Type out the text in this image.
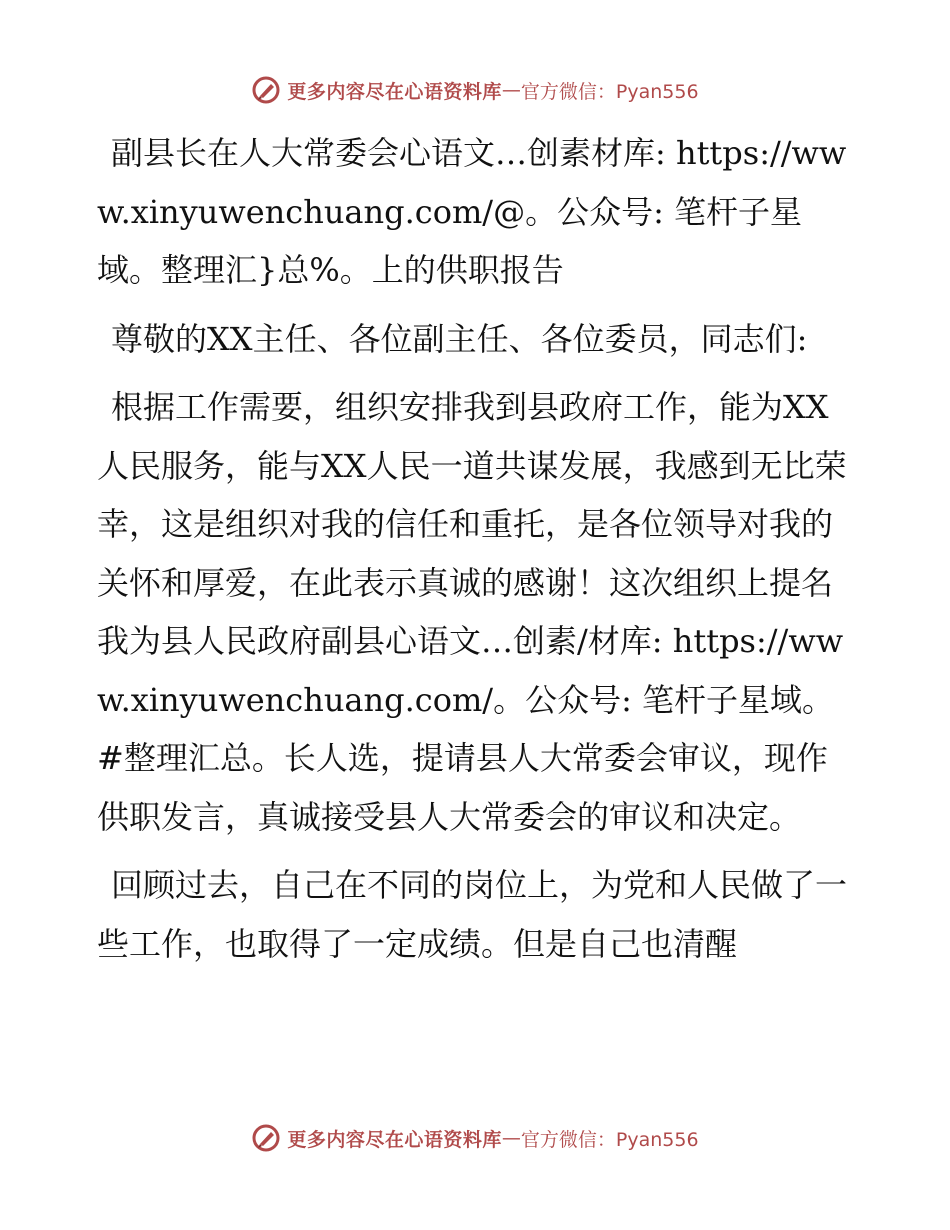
更多内容尽在心语资料库 — 官方微信：Pyan556

副县长在人大常委会心语文…创素材库: https://www.xinyuwenchuang.com/@。公众号: 笔杆子星域。整理汇}总%。上的供职报告

尊敬的XX主任、各位副主任、各位委员，同志们:

根据工作需要，组织安排我到县政府工作，能为XX人民服务，能与XX人民一道共谋发展，我感到无比荣幸，这是组织对我的信任和重托，是各位领导对我的关怀和厚爱，在此表示真诚的感谢！这次组织上提名我为县人民政府副县心语文…创素/材库: https://www.xinyuwenchuang.com/。公众号: 笔杆子星域。#整理汇总。长人选，提请县人大常委会审议，现作供职发言，真诚接受县人大常委会的审议和决定。

回顾过去，自己在不同的岗位上，为党和人民做了一些工作，也取得了一定成绩。但是自己也清醒

更多内容尽在心语资料库 — 官方微信：Pyan556
